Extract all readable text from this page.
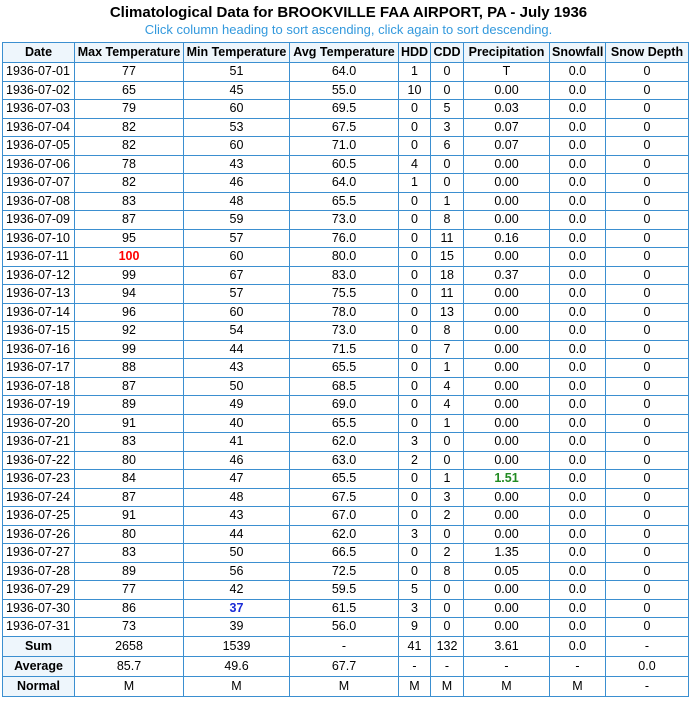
Climatological Data for BROOKVILLE FAA AIRPORT, PA - July 1936

Click column heading to sort ascending, click again to sort descending.

Date	Max Temperature	Min Temperature	Avg Temperature	HDD	CDD	Precipitation	Snowfall	Snow Depth
1936-07-01	77	51	64.0	1	0	T	0.0	0
1936-07-02	65	45	55.0	10	0	0.00	0.0	0
1936-07-03	79	60	69.5	0	5	0.03	0.0	0
1936-07-04	82	53	67.5	0	3	0.07	0.0	0
1936-07-05	82	60	71.0	0	6	0.07	0.0	0
1936-07-06	78	43	60.5	4	0	0.00	0.0	0
1936-07-07	82	46	64.0	1	0	0.00	0.0	0
1936-07-08	83	48	65.5	0	1	0.00	0.0	0
1936-07-09	87	59	73.0	0	8	0.00	0.0	0
1936-07-10	95	57	76.0	0	11	0.16	0.0	0
1936-07-11	100	60	80.0	0	15	0.00	0.0	0
1936-07-12	99	67	83.0	0	18	0.37	0.0	0
1936-07-13	94	57	75.5	0	11	0.00	0.0	0
1936-07-14	96	60	78.0	0	13	0.00	0.0	0
1936-07-15	92	54	73.0	0	8	0.00	0.0	0
1936-07-16	99	44	71.5	0	7	0.00	0.0	0
1936-07-17	88	43	65.5	0	1	0.00	0.0	0
1936-07-18	87	50	68.5	0	4	0.00	0.0	0
1936-07-19	89	49	69.0	0	4	0.00	0.0	0
1936-07-20	91	40	65.5	0	1	0.00	0.0	0
1936-07-21	83	41	62.0	3	0	0.00	0.0	0
1936-07-22	80	46	63.0	2	0	0.00	0.0	0
1936-07-23	84	47	65.5	0	1	1.51	0.0	0
1936-07-24	87	48	67.5	0	3	0.00	0.0	0
1936-07-25	91	43	67.0	0	2	0.00	0.0	0
1936-07-26	80	44	62.0	3	0	0.00	0.0	0
1936-07-27	83	50	66.5	0	2	1.35	0.0	0
1936-07-28	89	56	72.5	0	8	0.05	0.0	0
1936-07-29	77	42	59.5	5	0	0.00	0.0	0
1936-07-30	86	37	61.5	3	0	0.00	0.0	0
1936-07-31	73	39	56.0	9	0	0.00	0.0	0
Sum	2658	1539	-	41	132	3.61	0.0	-
Average	85.7	49.6	67.7	-	-	-	-	0.0
Normal	M	M	M	M	M	M	M	-
